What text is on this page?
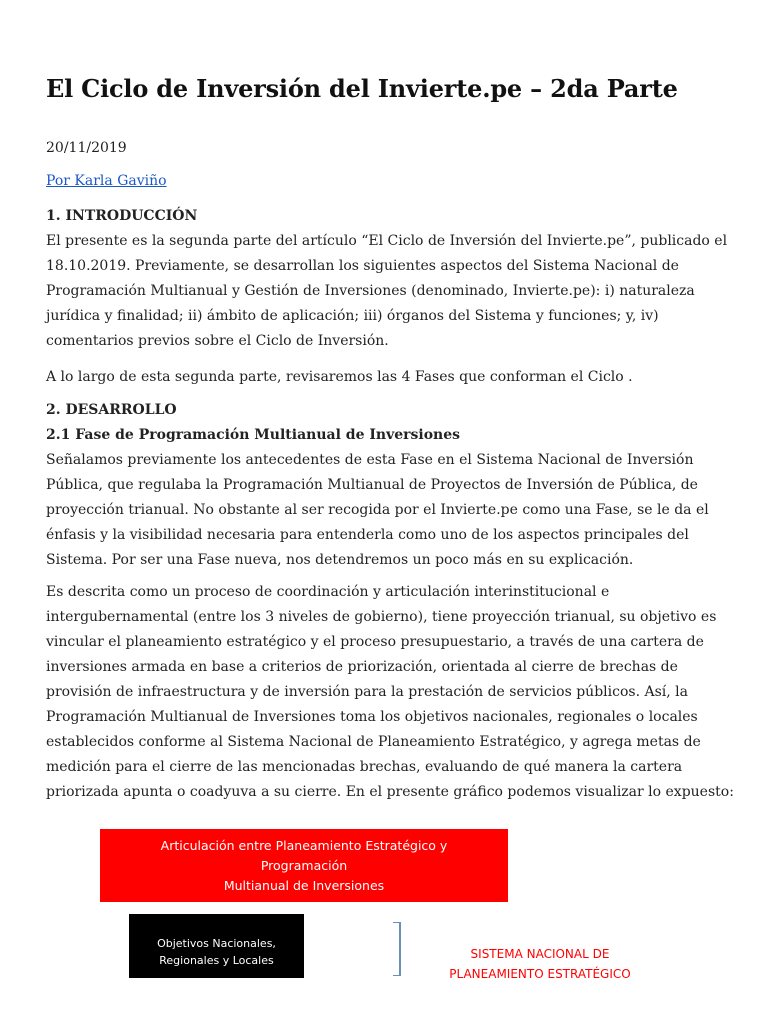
El Ciclo de Inversión del Invierte.pe – 2da Parte
20/11/2019
Por Karla Gaviño

1. INTRODUCCIÓN

El presente es la segunda parte del artículo “El Ciclo de Inversión del Invierte.pe”, publicado el 18.10.2019. Previamente, se desarrollan los siguientes aspectos del Sistema Nacional de Programación Multianual y Gestión de Inversiones (denominado, Invierte.pe): i) naturaleza jurídica y finalidad; ii) ámbito de aplicación; iii) órganos del Sistema y funciones; y, iv) comentarios previos sobre el Ciclo de Inversión.

A lo largo de esta segunda parte, revisaremos las 4 Fases que conforman el Ciclo .

2. DESARROLLO

2.1 Fase de Programación Multianual de Inversiones

Señalamos previamente los antecedentes de esta Fase en el Sistema Nacional de Inversión Pública, que regulaba la Programación Multianual de Proyectos de Inversión de Pública, de proyección trianual. No obstante al ser recogida por el Invierte.pe como una Fase, se le da el énfasis y la visibilidad necesaria para entenderla como uno de los aspectos principales del Sistema. Por ser una Fase nueva, nos detendremos un poco más en su explicación.

Es descrita como un proceso de coordinación y articulación interinstitucional e intergubernamental (entre los 3 niveles de gobierno), tiene proyección trianual, su objetivo es vincular el planeamiento estratégico y el proceso presupuestario, a través de una cartera de inversiones armada en base a criterios de priorización, orientada al cierre de brechas de provisión de infraestructura y de inversión para la prestación de servicios públicos. Así, la Programación Multianual de Inversiones toma los objetivos nacionales, regionales o locales establecidos conforme al Sistema Nacional de Planeamiento Estratégico, y agrega metas de medición para el cierre de las mencionadas brechas, evaluando de qué manera la cartera priorizada apunta o coadyuva a su cierre. En el presente gráfico podemos visualizar lo expuesto:

Articulación entre Planeamiento Estratégico y Programación
Multianual de Inversiones
Objetivos Nacionales,
Regionales y Locales	SISTEMA NACIONAL DE
PLANEAMIENTO ESTRATÉGICO
